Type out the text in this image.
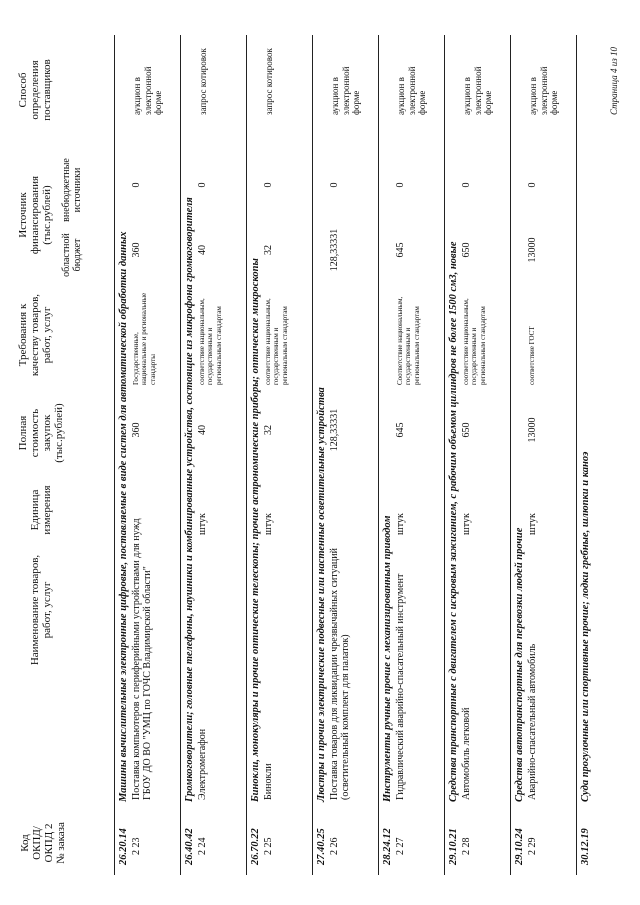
Код ОКПД/ ОКПД 2 № заказа
Наименование товаров, работ, услуг
Единица измерения
Полная стоимость закупок (тыс.рублей)
Требования к качеству товаров, работ, услуг
Источник финансирования (тыс.рублей)
областной бюджет
внебюджетные источники
Способ определения поставщиков
26.20.14
Машины вычислительные электронные цифровые, поставляемые в виде систем для автоматической обработки данных
2 23
Поставка компьютеров с периферийными устройствами для нужд ГБОУ ДО ВО "УМЦ по ГОЧС Владимирской области"
360
Государственные, национальные и региональные стандарты
360
0
аукцион в электронной форме
26.40.42
Громкоговорители; головные телефоны, наушники и комбинированные устройства, состоящие из микрофона громкоговорителя
2 24
Электромегафон
штук
40
соответствие национальным, государственным и региональным стандартам
40
0
запрос котировок
26.70.22
Бинокли, монокуляры и прочие оптические телескопы; прочие астрономические приборы; оптические микроскопы
2 25
Бинокли
штук
32
соответствие национальным, государственным и региональным стандартам
32
0
запрос котировок
27.40.25
Люстры и прочие электрические подвесные или настенные осветительные устройства
2 26
Поставка товаров для ликвидации чрезвычайных ситуаций (осветительный комплект для палаток)
128,33331
128,33331
0
аукцион в электронной форме
28.24.12
Инструменты ручные прочие с механизированным приводом
2 27
Гидравлический аварийно-спасательный инструмент
штук
645
Соответствие национальным, государственным и региональным стандартам
645
0
аукцион в электронной форме
29.10.21
Средства транспортные с двигателем с искровым зажиганием, с рабочим объемом цилиндров не более 1500 см3, новые
2 28
Автомобиль легковой
штук
650
соответствие национальным, государственным и региональным стандартам
650
0
аукцион в электронной форме
29.10.24
Средства автотранспортные для перевозки людей прочие
2 29
Аварийно-спасательный автомобиль
штук
13000
соответствие ГОСТ
13000
0
аукцион в электронной форме
30.12.19
Суда прогулочные или спортивные прочие; лодки гребные, шлюпки и каноэ
Страница 4 из 10
